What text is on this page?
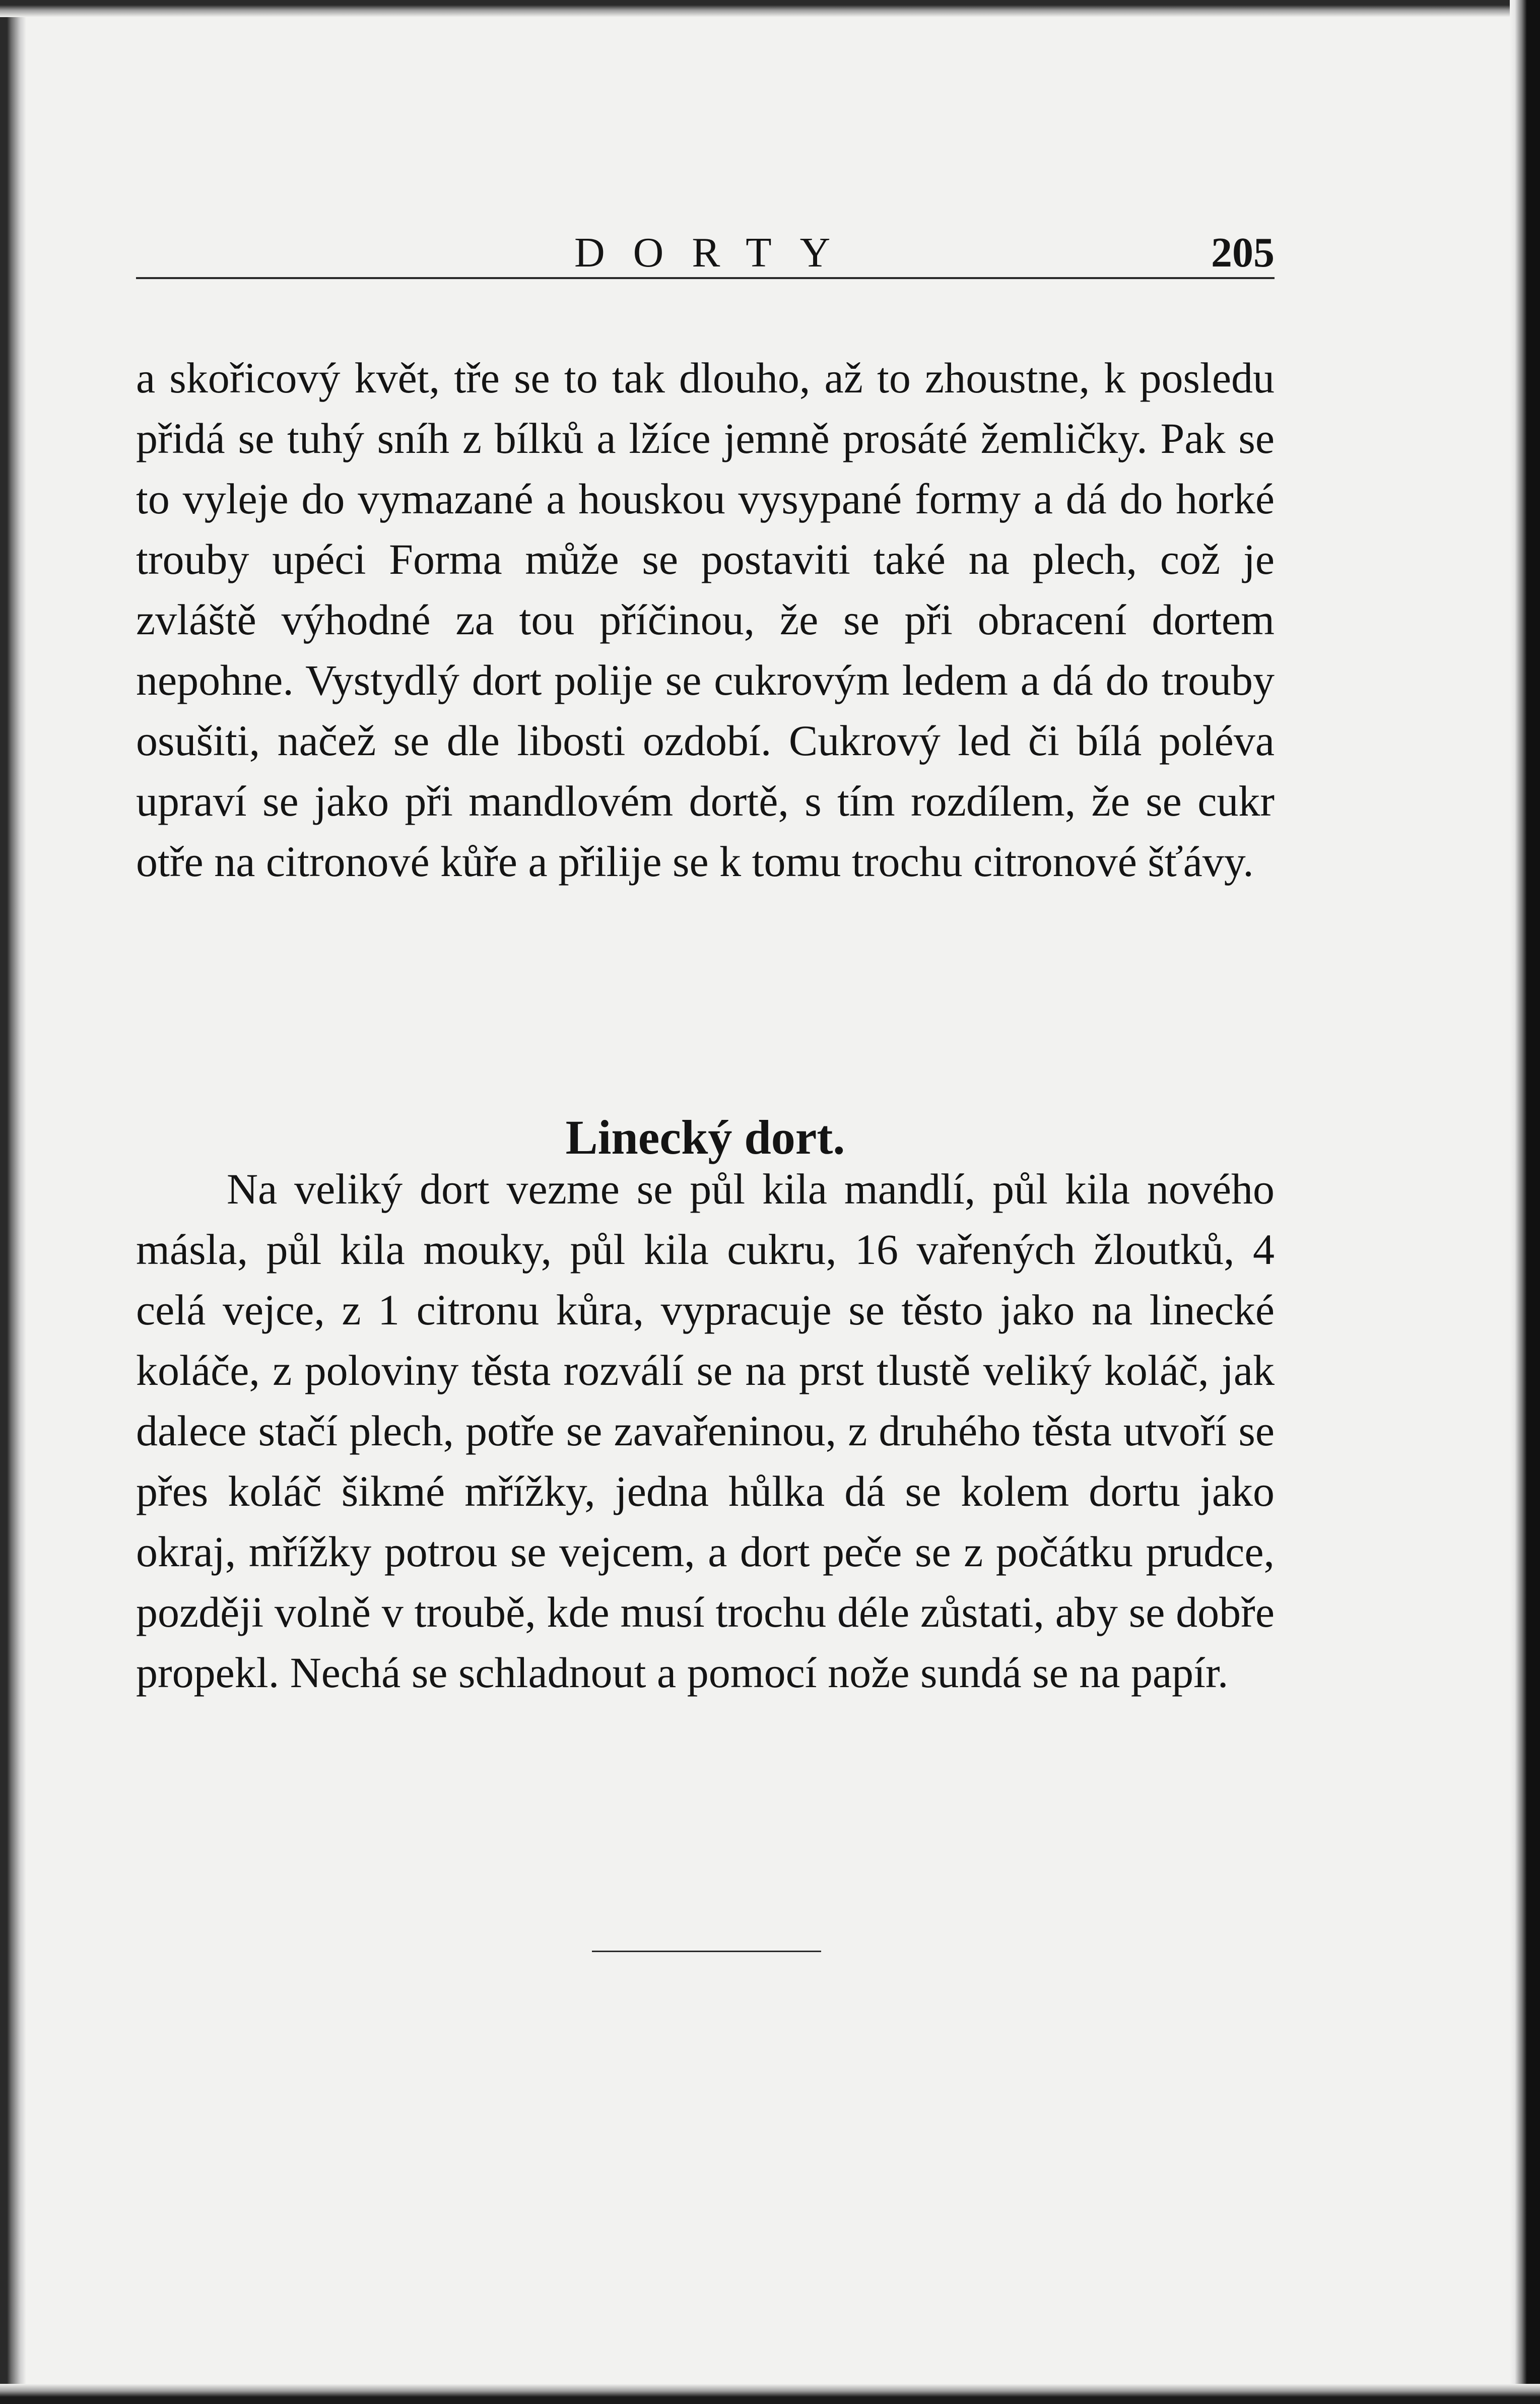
DORTY	205

a skořicový květ, tře se to tak dlouho, až to zhoustne, k posledu přidá se tuhý sníh z bílků a lžíce jemně prosáté žemličky. Pak se to vyleje do vymazané a houskou vysypané formy a dá do horké trouby upéci Forma může se postaviti také na plech, což je zvláště výhodné za tou příčinou, že se při obracení dortem nepohne. Vystydlý dort polije se cukrovým ledem a dá do trouby osušiti, načež se dle libosti ozdobí. Cukrový led či bílá poléva upraví se jako při mandlovém dortě, s tím rozdílem, že se cukr otře na citronové kůře a přilije se k tomu trochu citronové šťávy.

Linecký dort.

Na veliký dort vezme se půl kila mandlí, půl kila nového másla, půl kila mouky, půl kila cukru, 16 vařených žloutků, 4 celá vejce, z 1 citronu kůra, vypracuje se těsto jako na linecké koláče, z poloviny těsta rozválí se na prst tlustě veliký koláč, jak dalece stačí plech, potře se zavařeninou, z druhého těsta utvoří se přes koláč šikmé mřížky, jedna hůlka dá se kolem dortu jako okraj, mřížky potrou se vejcem, a dort peče se z počátku prudce, později volně v troubě, kde musí trochu déle zůstati, aby se dobře propekl. Nechá se schladnout a pomocí nože sundá se na papír.
